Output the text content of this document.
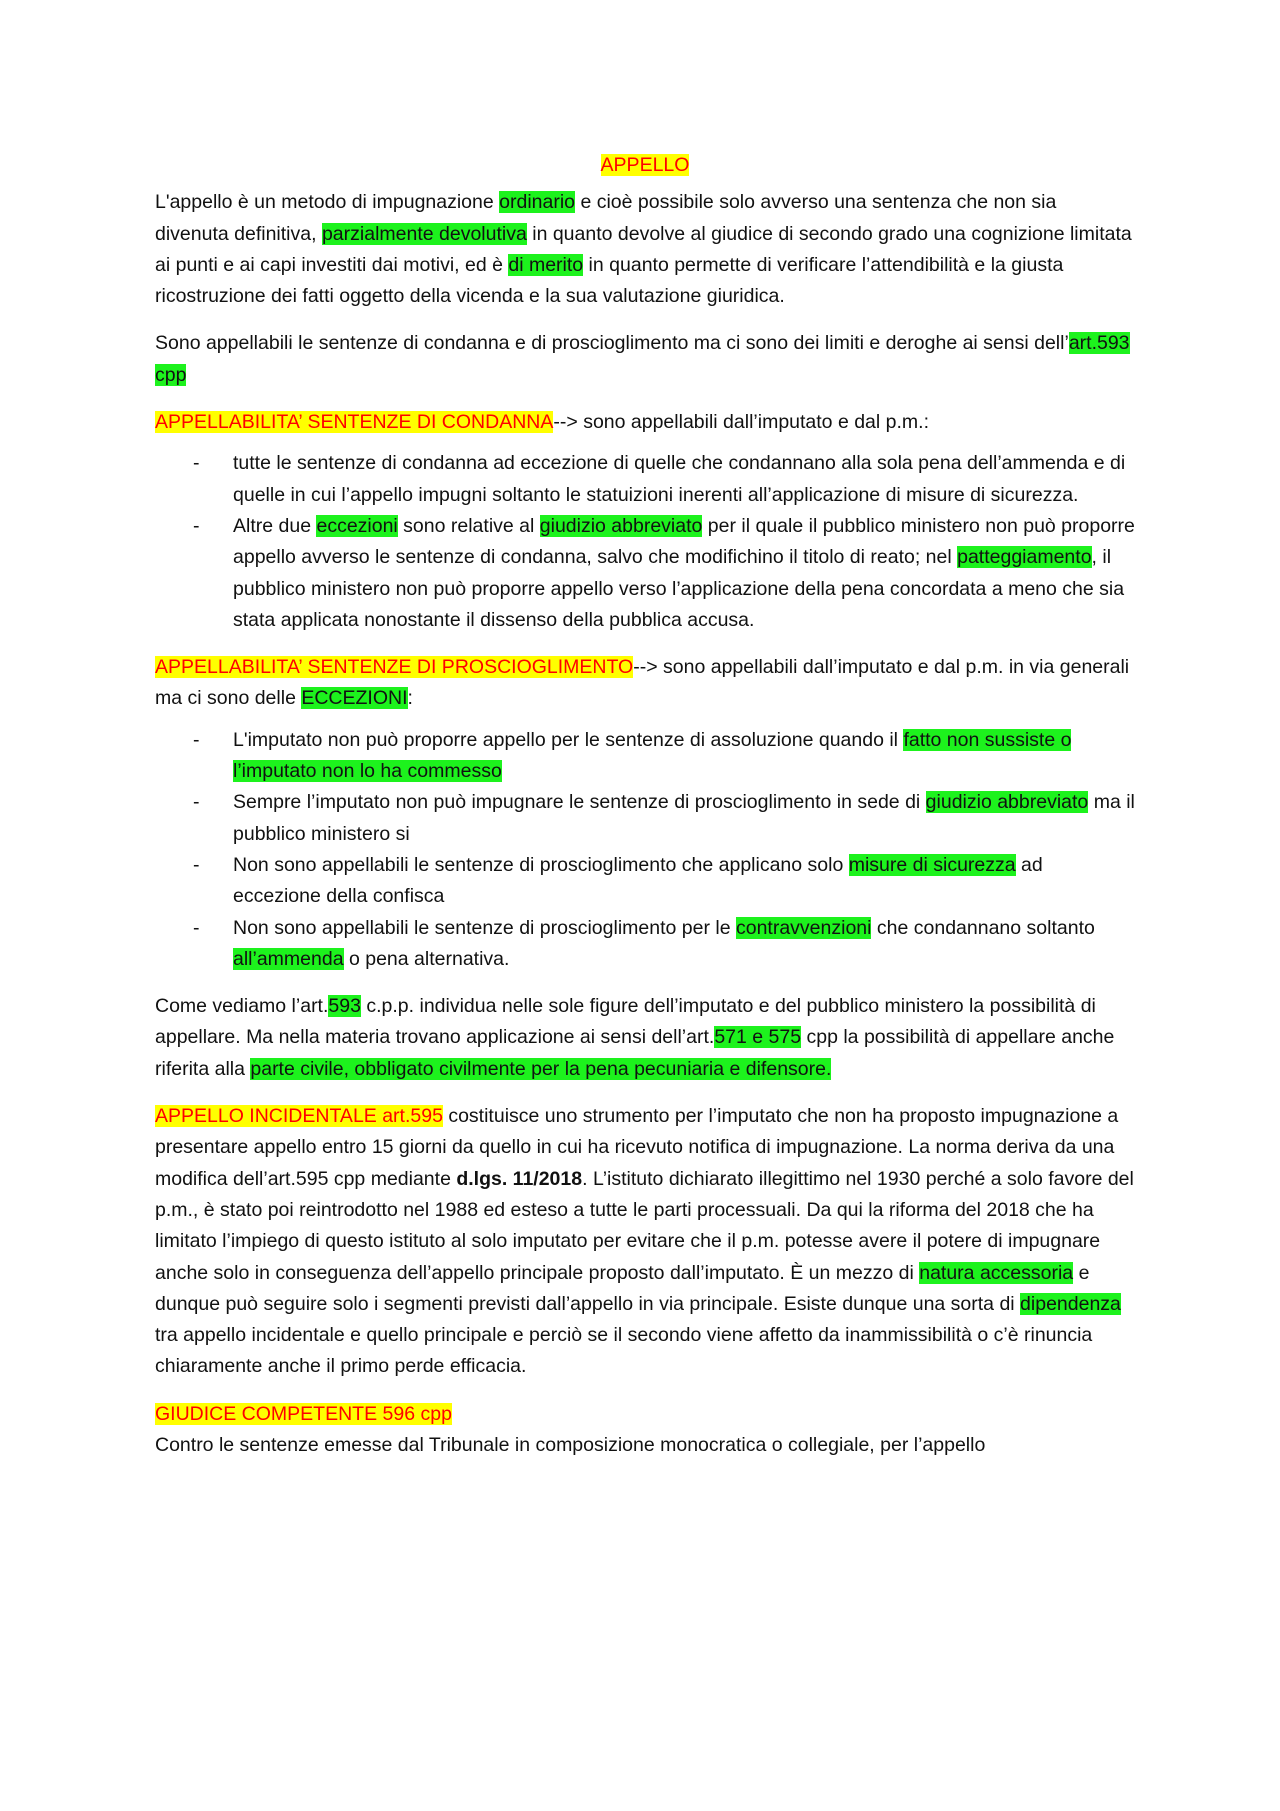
APPELLO

L'appello è un metodo di impugnazione ordinario e cioè possibile solo avverso una sentenza che non sia divenuta definitiva, parzialmente devolutiva in quanto devolve al giudice di secondo grado una cognizione limitata ai punti e ai capi investiti dai motivi, ed è di merito in quanto permette di verificare l’attendibilità e la giusta ricostruzione dei fatti oggetto della vicenda e la sua valutazione giuridica.

Sono appellabili le sentenze di condanna e di proscioglimento ma ci sono dei limiti e deroghe ai sensi dell’art.593 cpp

APPELLABILITA’ SENTENZE DI CONDANNA--> sono appellabili dall’imputato e dal p.m.:

- tutte le sentenze di condanna ad eccezione di quelle che condannano alla sola pena dell’ammenda e di quelle in cui l’appello impugni soltanto le statuizioni inerenti all’applicazione di misure di sicurezza.
- Altre due eccezioni sono relative al giudizio abbreviato per il quale il pubblico ministero non può proporre appello avverso le sentenze di condanna, salvo che modifichino il titolo di reato; nel patteggiamento, il pubblico ministero non può proporre appello verso l’applicazione della pena concordata a meno che sia stata applicata nonostante il dissenso della pubblica accusa.

APPELLABILITA’ SENTENZE DI PROSCIOGLIMENTO--> sono appellabili dall’imputato e dal p.m. in via generali ma ci sono delle ECCEZIONI:

- L'imputato non può proporre appello per le sentenze di assoluzione quando il fatto non sussiste o l’imputato non lo ha commesso
- Sempre l’imputato non può impugnare le sentenze di proscioglimento in sede di giudizio abbreviato ma il pubblico ministero si
- Non sono appellabili le sentenze di proscioglimento che applicano solo misure di sicurezza ad eccezione della confisca
- Non sono appellabili le sentenze di proscioglimento per le contravvenzioni che condannano soltanto all’ammenda o pena alternativa.

Come vediamo l’art.593 c.p.p. individua nelle sole figure dell’imputato e del pubblico ministero la possibilità di appellare. Ma nella materia trovano applicazione ai sensi dell’art.571 e 575 cpp la possibilità di appellare anche riferita alla parte civile, obbligato civilmente per la pena pecuniaria e difensore.

APPELLO INCIDENTALE art.595 costituisce uno strumento per l’imputato che non ha proposto impugnazione a presentare appello entro 15 giorni da quello in cui ha ricevuto notifica di impugnazione. La norma deriva da una modifica dell’art.595 cpp mediante d.lgs. 11/2018. L’istituto dichiarato illegittimo nel 1930 perché a solo favore del p.m., è stato poi reintrodotto nel 1988 ed esteso a tutte le parti processuali. Da qui la riforma del 2018 che ha limitato l’impiego di questo istituto al solo imputato per evitare che il p.m. potesse avere il potere di impugnare anche solo in conseguenza dell’appello principale proposto dall’imputato. È un mezzo di natura accessoria e dunque può seguire solo i segmenti previsti dall’appello in via principale. Esiste dunque una sorta di dipendenza tra appello incidentale e quello principale e perciò se il secondo viene affetto da inammissibilità o c’è rinuncia chiaramente anche il primo perde efficacia.

GIUDICE COMPETENTE 596 cpp
Contro le sentenze emesse dal Tribunale in composizione monocratica o collegiale, per l’appello
